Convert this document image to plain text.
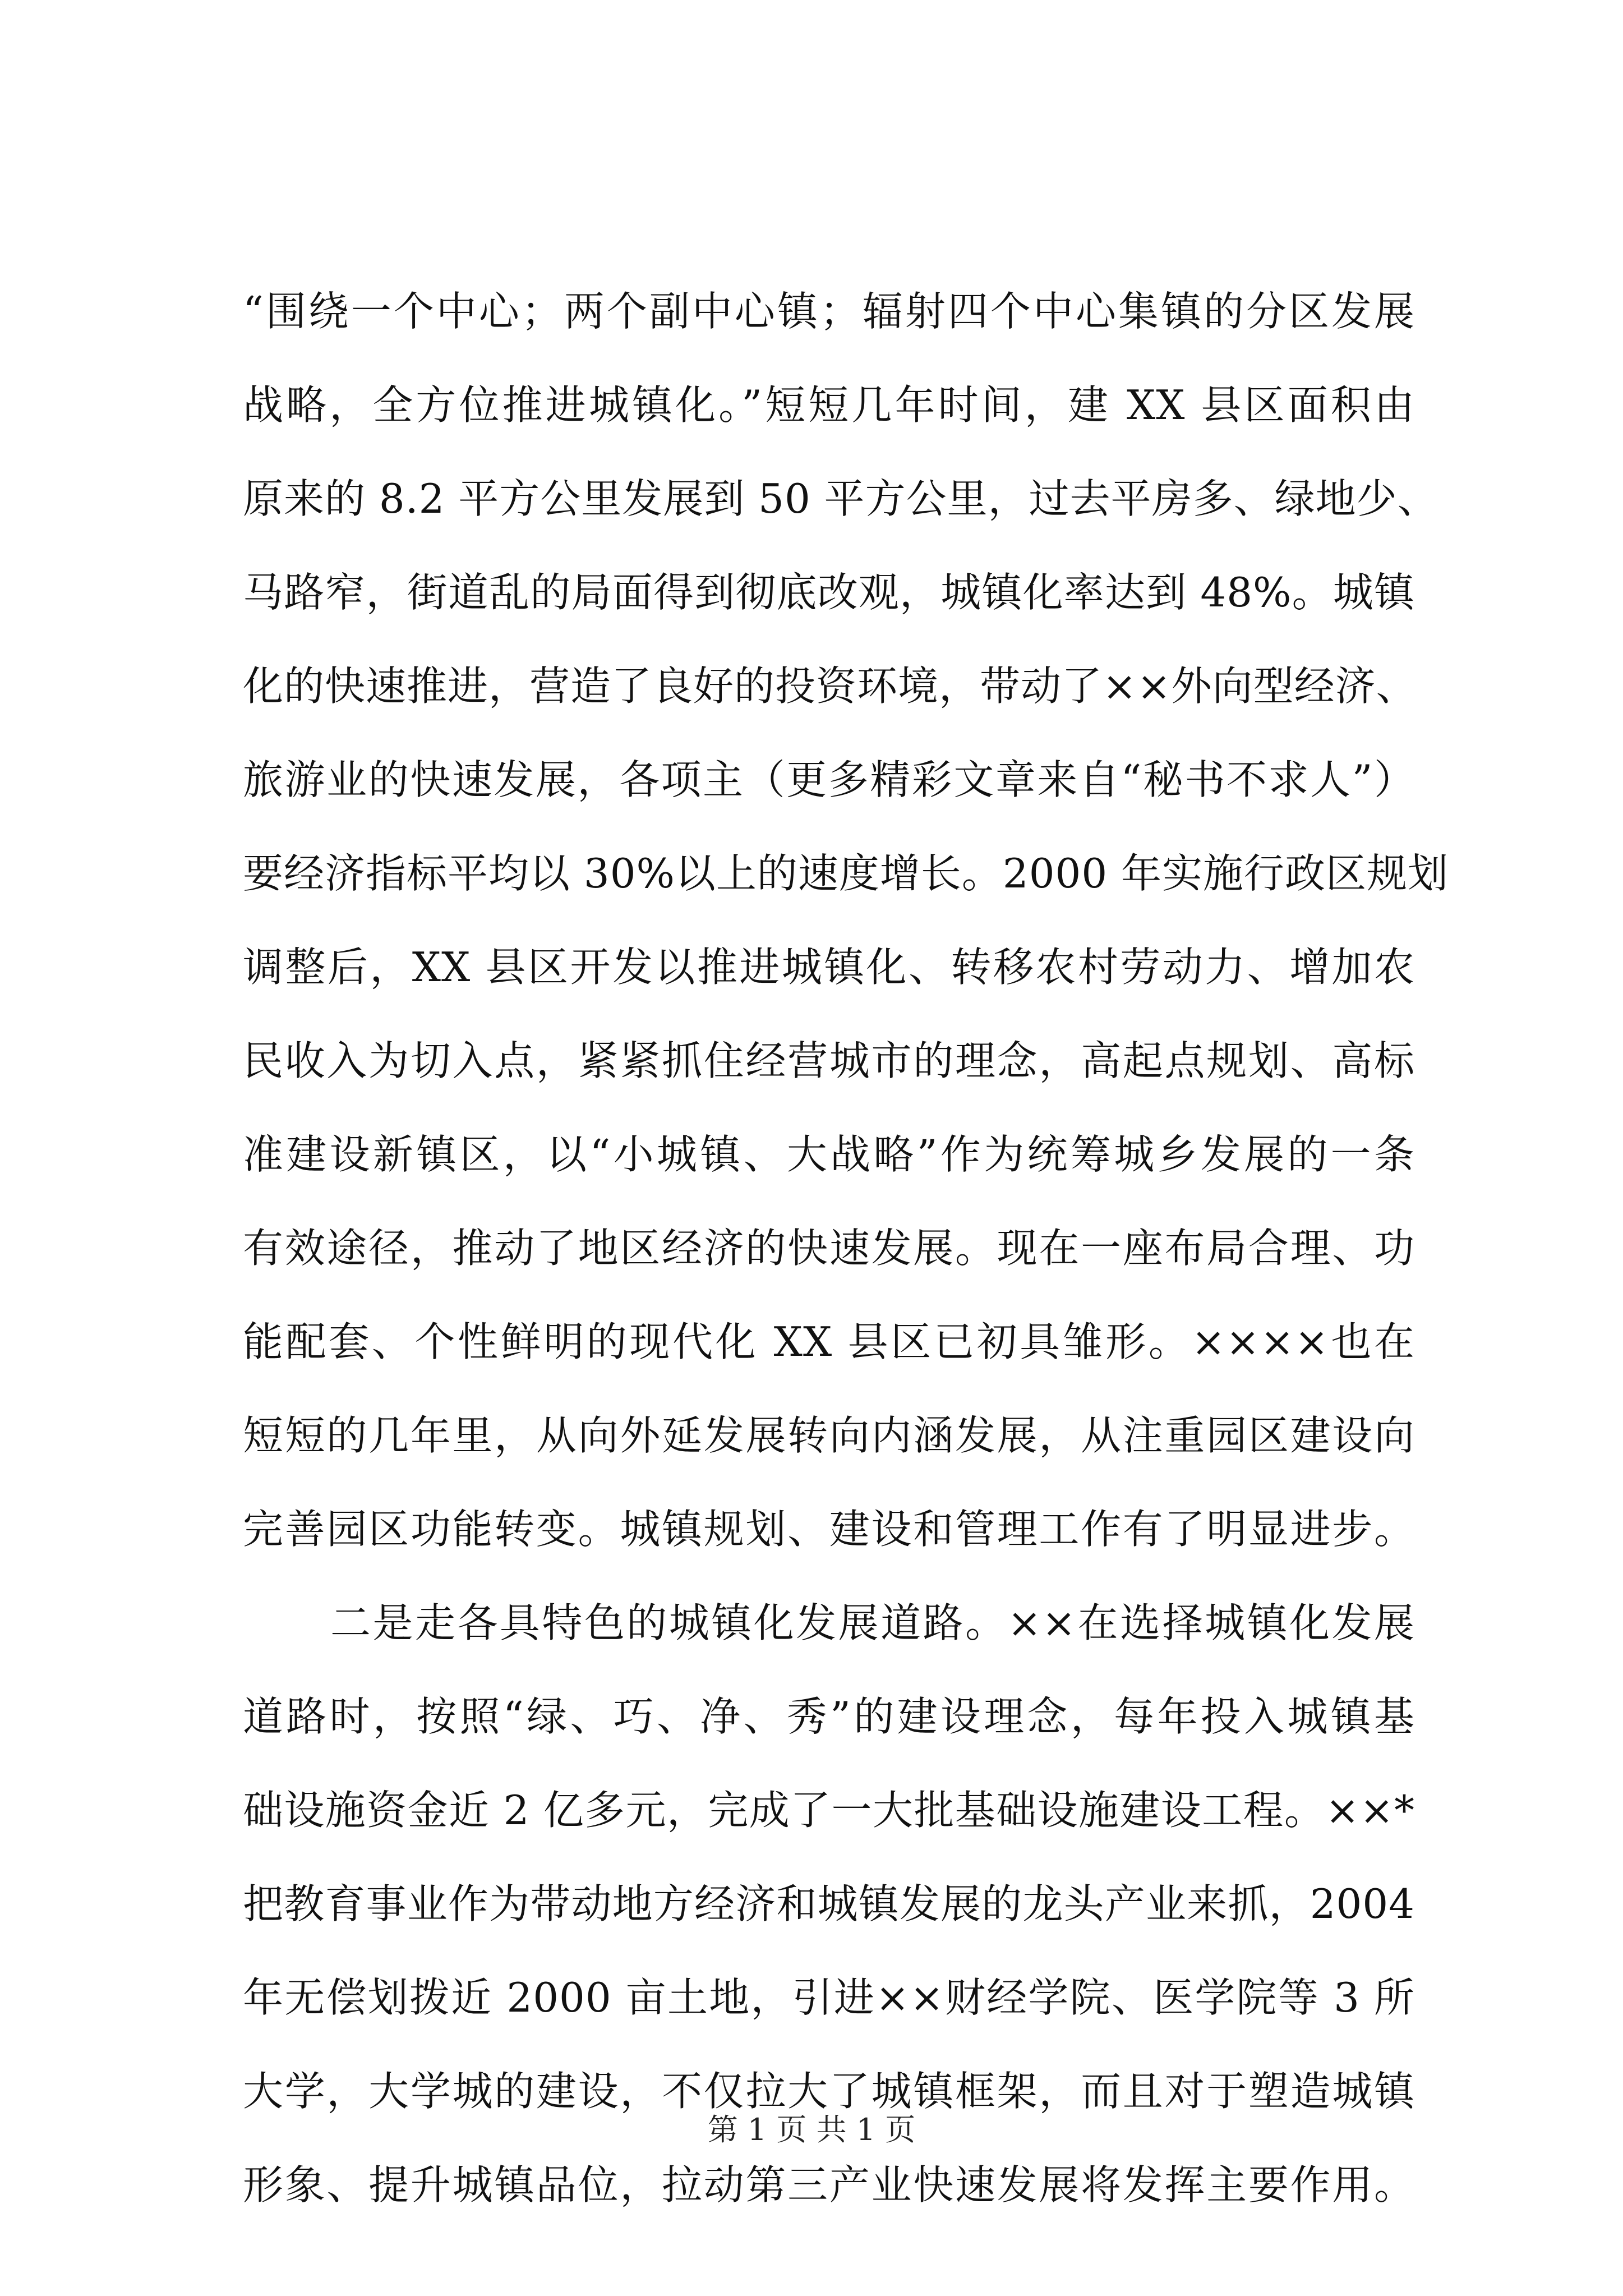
“围绕一个中心；两个副中心镇；辐射四个中心集镇的分区发展
战略，全方位推进城镇化。”短短几年时间，建 XX 县区面积由
原来的 8.2 平方公里发展到 50 平方公里，过去平房多、绿地少、
马路窄，街道乱的局面得到彻底改观，城镇化率达到 48%。城镇
化的快速推进，营造了良好的投资环境，带动了××外向型经济、
旅游业的快速发展，各项主（更多精彩文章来自“秘书不求人”）
要经济指标平均以 30%以上的速度增长。2000 年实施行政区规划
调整后，XX 县区开发以推进城镇化、转移农村劳动力、增加农
民收入为切入点，紧紧抓住经营城市的理念，高起点规划、高标
准建设新镇区，以“小城镇、大战略”作为统筹城乡发展的一条
有效途径，推动了地区经济的快速发展。现在一座布局合理、功
能配套、个性鲜明的现代化 XX 县区已初具雏形。××××也在
短短的几年里，从向外延发展转向内涵发展，从注重园区建设向
完善园区功能转变。城镇规划、建设和管理工作有了明显进步。
二是走各具特色的城镇化发展道路。××在选择城镇化发展
道路时，按照“绿、巧、净、秀”的建设理念，每年投入城镇基
础设施资金近 2 亿多元，完成了一大批基础设施建设工程。××*
把教育事业作为带动地方经济和城镇发展的龙头产业来抓，2004
年无偿划拨近 2000 亩土地，引进××财经学院、医学院等 3 所
大学，大学城的建设，不仅拉大了城镇框架，而且对于塑造城镇
形象、提升城镇品位，拉动第三产业快速发展将发挥主要作用。
第 1 页 共 1 页
